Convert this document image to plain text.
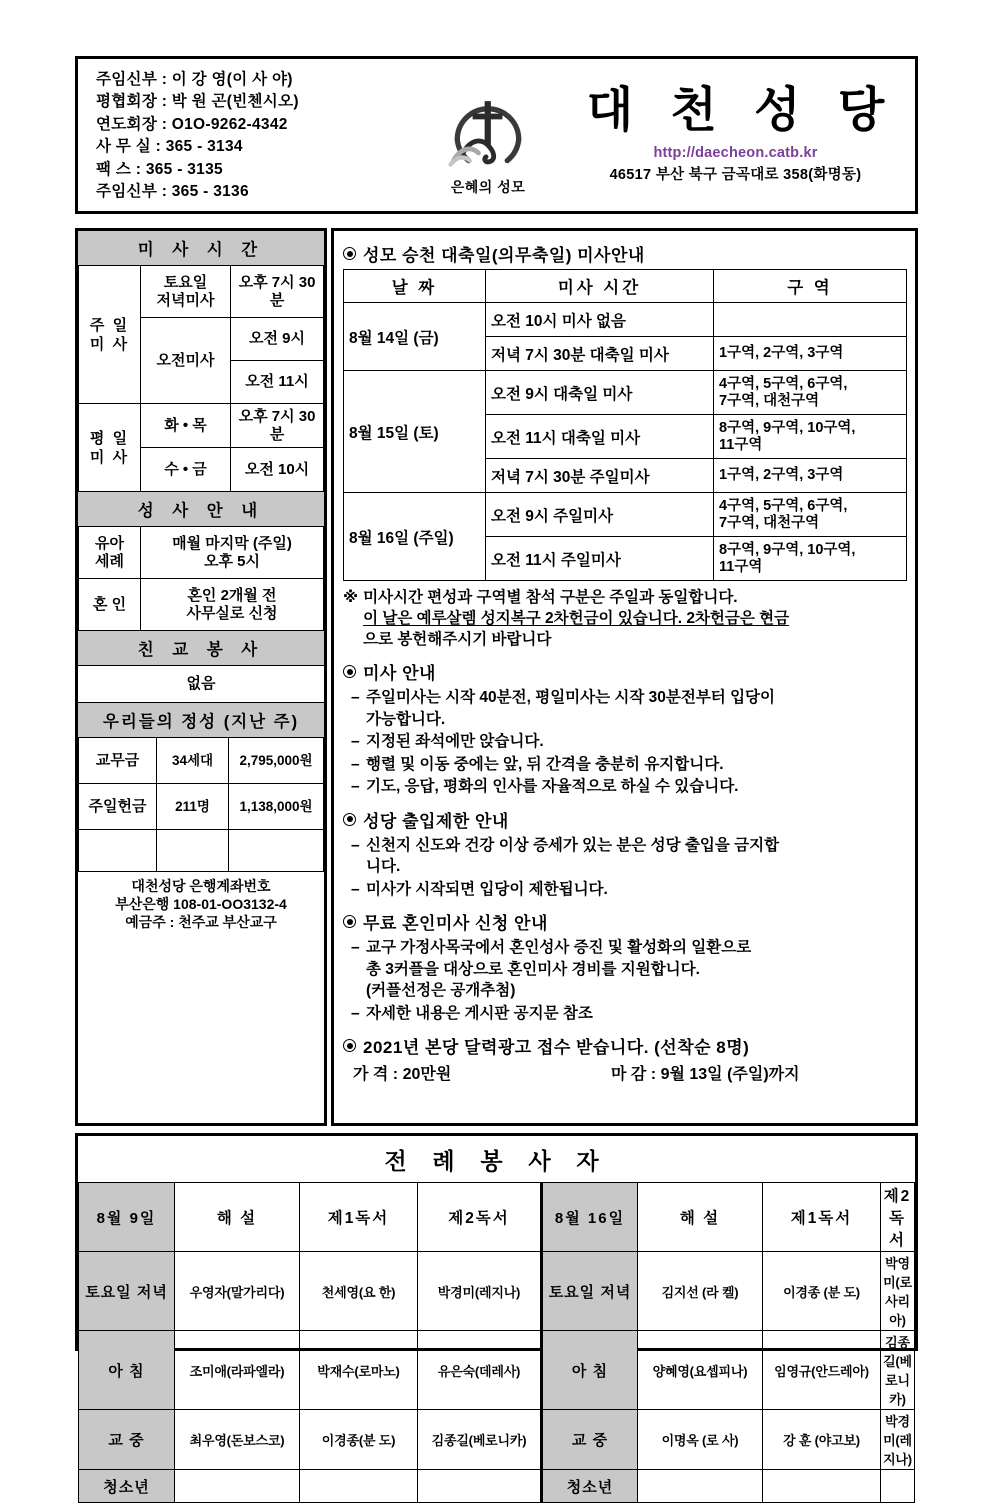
주임신부 : 이 강 영(이 사 야)
평협회장 : 박 원 곤(빈첸시오)
연도회장 : O1O-9262-4342
사 무 실 : 365 - 3134
팩 스 : 365 - 3135
주임신부 : 365 - 3136	은혜의 성모
대 천 성 당
http://daecheon.catb.kr
46517 부산 북구 금곡대로 358(화명동)
미 사 시 간
주 일
미 사	토요일
저녁미사	오후 7시 30분
	오전미사	오전 9시
		오전 11시
평 일
미 사	화 • 목	오후 7시 30분
	수 • 금	오전 10시
성 사 안 내
유아
세례	매월 마지막 (주일)
오후 5시
혼 인	혼인 2개월 전
사무실로 신청
친 교 봉 사
없음
우리들의 정성 (지난 주)
교무금	34세대	2,795,000원
주일헌금	211명	1,138,000원

대천성당 은행계좌번호
부산은행 108-01-OO3132-4
예금주 : 천주교 부산교구
성모 승천 대축일(의무축일) 미사안내
날 짜	미사 시간	구 역
8월 14일 (금)	오전 10시 미사 없음	
	저녁 7시 30분 대축일 미사	1구역, 2구역, 3구역
8월 15일 (토)	오전 9시 대축일 미사	4구역, 5구역, 6구역,
7구역, 대천구역
	오전 11시 대축일 미사	8구역, 9구역, 10구역,
11구역
	저녁 7시 30분 주일미사	1구역, 2구역, 3구역
8월 16일 (주일)	오전 9시 주일미사	4구역, 5구역, 6구역,
7구역, 대천구역
	오전 11시 주일미사	8구역, 9구역, 10구역,
11구역
※ 미사시간 편성과 구역별 참석 구분은 주일과 동일합니다.
이 날은 예루살렘 성지복구 2차헌금이 있습니다. 2차헌금은 현금
으로 봉헌해주시기 바랍니다
미사 안내
– 주일미사는 시작 40분전, 평일미사는 시작 30분전부터 입당이
가능합니다.
– 지정된 좌석에만 앉습니다.
– 행렬 및 이동 중에는 앞, 뒤 간격을 충분히 유지합니다.
– 기도, 응답, 평화의 인사를 자율적으로 하실 수 있습니다.
성당 출입제한 안내
– 신천지 신도와 건강 이상 증세가 있는 분은 성당 출입을 금지합
니다.
– 미사가 시작되면 입당이 제한됩니다.
무료 혼인미사 신청 안내
– 교구 가정사목국에서 혼인성사 증진 및 활성화의 일환으로
총 3커플을 대상으로 혼인미사 경비를 지원합니다.
(커플선정은 공개추첨)
– 자세한 내용은 게시판 공지문 참조
2021년 본당 달력광고 접수 받습니다. (선착순 8명)
가 격 : 20만원	마 감 : 9월 13일 (주일)까지
전 례 봉 사 자
8월 9일	해 설	제1독서	제2독서	8월 16일	해 설	제1독서	제2독서
토요일 저녁	우영자(말가리다)	천세영(요 한)	박경미(레지나)	토요일 저녁	김지선 (라 켈)	이경종 (분 도)	박영미(로사리아)
아 침	조미애(라파엘라)	박재수(로마노)	유은숙(데레사)	아 침	양혜영(요셉피나)	임영규(안드레아)	김종길(베로니카)
교 중	최우영(돈보스코)	이경종(분 도)	김종길(베로니카)	교 중	이명옥 (로 사)	강 훈 (야고보)	박경미(레지나)
청소년				청소년			
